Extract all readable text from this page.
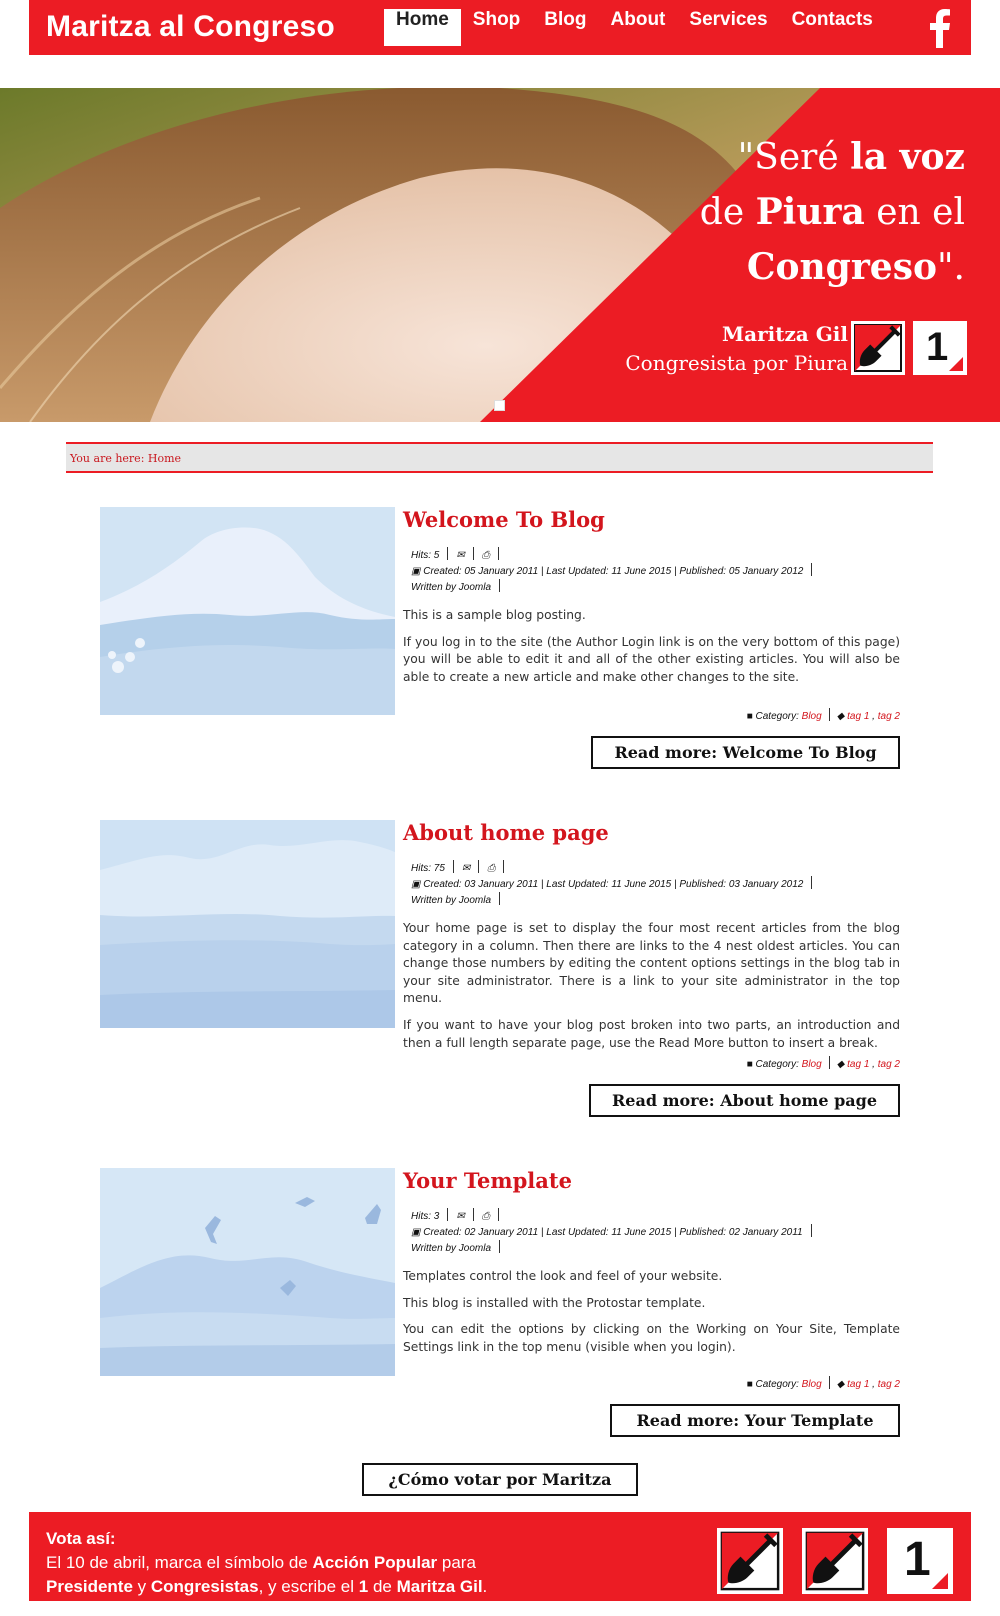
Maritza al Congreso	Home	Shop	Blog	About	Services	Contacts
"Seré la voz
de Piura en el
Congreso".
Maritza Gil
Congresista por Piura 1
You are here: Home
Welcome To Blog
Hits: 5 ✉ ⎙
▣ Created: 05 January 2011 | Last Updated: 11 June 2015 | Published: 05 January 2012
Written by Joomla

This is a sample blog posting.

If you log in to the site (the Author Login link is on the very bottom of this page) you will be able to edit it and all of the other existing articles. You will also be able to create a new article and make other changes to the site.

■ Category: Blog ◆ tag 1 , tag 2
Read more: Welcome To Blog
About home page
Hits: 75 ✉ ⎙
▣ Created: 03 January 2011 | Last Updated: 11 June 2015 | Published: 03 January 2012
Written by Joomla

Your home page is set to display the four most recent articles from the blog category in a column. Then there are links to the 4 nest oldest articles. You can change those numbers by editing the content options settings in the blog tab in your site administrator. There is a link to your site administrator in the top menu.

If you want to have your blog post broken into two parts, an introduction and then a full length separate page, use the Read More button to insert a break.

■ Category: Blog ◆ tag 1 , tag 2
Read more: About home page
Your Template
Hits: 3 ✉ ⎙
▣ Created: 02 January 2011 | Last Updated: 11 June 2015 | Published: 02 January 2011
Written by Joomla

Templates control the look and feel of your website.

This blog is installed with the Protostar template.

You can edit the options by clicking on the Working on Your Site, Template Settings link in the top menu (visible when you login).

■ Category: Blog ◆ tag 1 , tag 2
Read more: Your Template
¿Cómo votar por Maritza
Vota así:
El 10 de abril, marca el símbolo de Acción Popular para
Presidente y Congresistas, y escribe el 1 de Maritza Gil.
1
